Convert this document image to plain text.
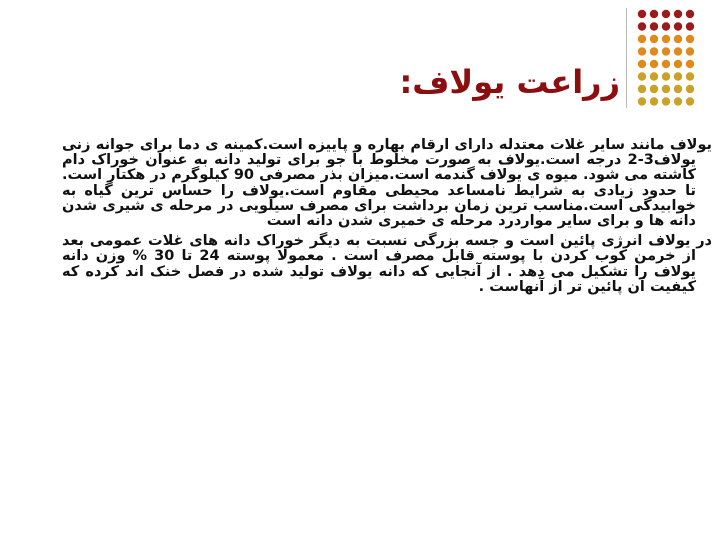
زراعت یولاف:

یولاف مانند سایر غلات معتدله دارای ارقام بهاره و پاییزه است.کمینه ی دما برای جوانه زنی یولاف3-2 درجه است.یولاف به صورت مخلوط با جو برای تولید دانه به عنوان خوراک دام کاشته می شود. میوه ی یولاف گندمه است.میزان بذر مصرفی 90 کیلوگرم در هکتار است. تا حدود زیادی به شرایط نامساعد محیطی مقاوم است.یولاف را حساس ترین گیاه به خوابیدگی است.مناسب ترین زمان برداشت برای مصرف سیلویی در مرحله ی شیری شدن دانه ها و برای سایر مواردرد مرحله ی خمیری شدن دانه است

در یولاف انرژی پائین است و جسه بزرگی نسبت به دیگر خوراک دانه های غلات عمومی بعد از خرمن کوب کردن با پوسته قابل مصرف است . معمولا پوسته 24 تا 30 % وزن دانه یولاف را تشکیل می دهد . از آنجایی که دانه یولاف تولید شده در فصل خنک اند کرده که کیفیت آن پائین تر از آنهاست .
